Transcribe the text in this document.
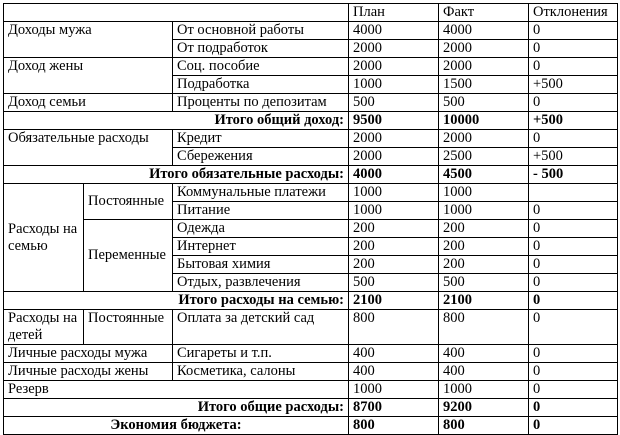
			План	Факт	Отклонения
Доходы мужа		От основной работы	4000	4000	0
		От подработок	2000	2000	0
Доход жены		Соц. пособие	2000	2000	0
		Подработка	1000	1500	+500
Доход семьи		Проценты по депозитам	500	500	0
Итого общий доход:			9500	10000	+500
Обязательные расходы		Кредит	2000	2000	0
		Сбережения	2000	2500	+500
Итого обязательные расходы:			4000	4500	- 500
Расходы на семью	Постоянные	Коммунальные платежи	1000	1000	
		Питание	1000	1000	0
	Переменные	Одежда	200	200	0
		Интернет	200	200	0
		Бытовая химия	200	200	0
		Отдых, развлечения	500	500	0
Итого расходы на семью:			2100	2100	0
Расходы на детей	Постоянные	Оплата за детский сад	800	800	0
Личные расходы мужа		Сигареты и т.п.	400	400	0
Личные расходы жены		Косметика, салоны	400	400	0
Резерв			1000	1000	0
Итого общие расходы:			8700	9200	0
Экономия бюджета:			800	800	0
